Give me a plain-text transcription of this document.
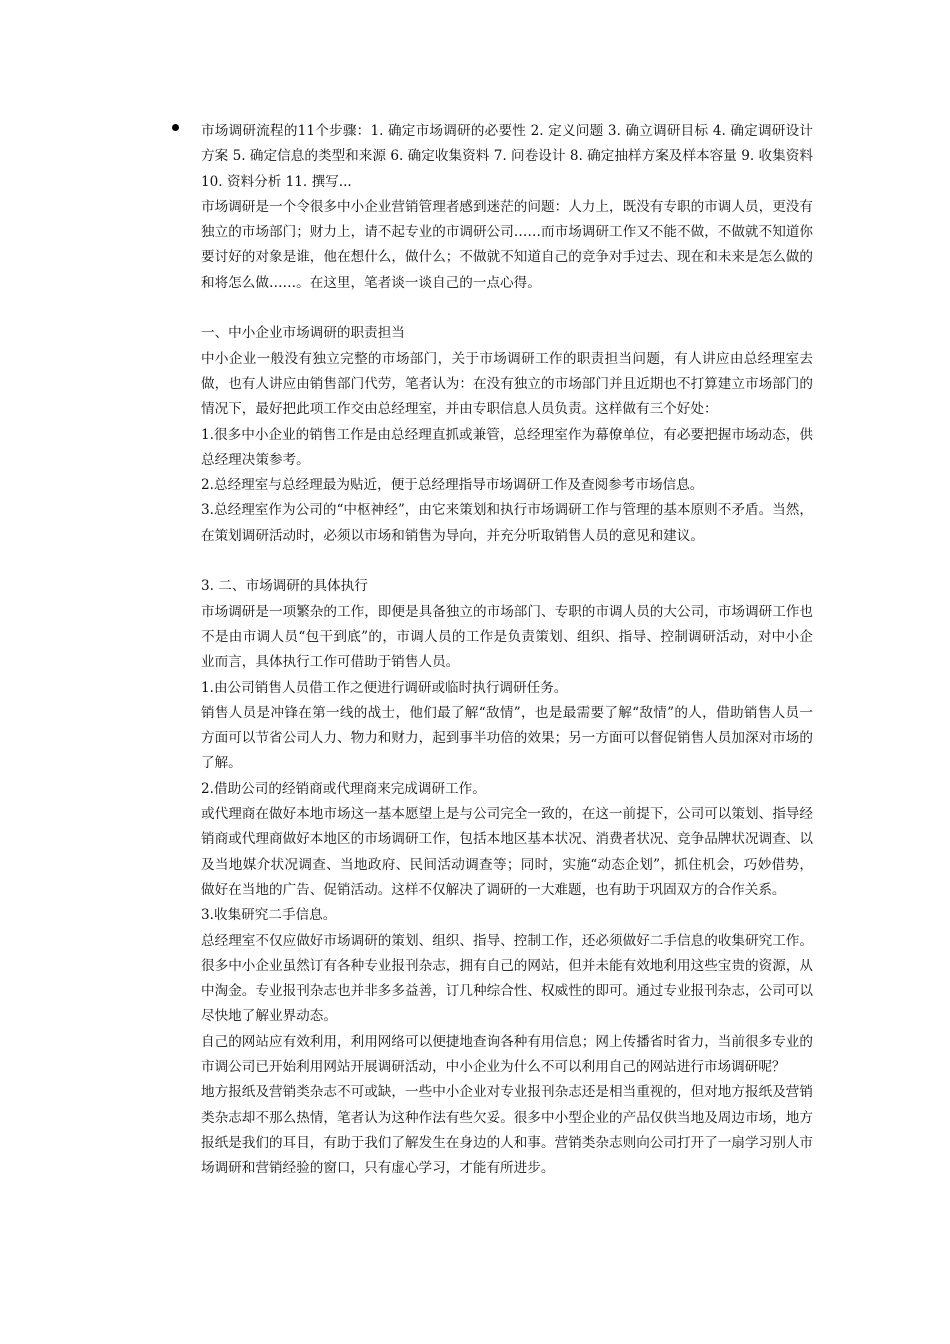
市场调研流程的11个步骤：1. 确定市场调研的必要性 2. 定义问题 3. 确立调研目标 4. 确定调研设计方案 5. 确定信息的类型和来源 6. 确定收集资料 7. 问卷设计 8. 确定抽样方案及样本容量 9. 收集资料 10. 资料分析 11. 撰写...

市场调研是一个令很多中小企业营销管理者感到迷茫的问题：人力上，既没有专职的市调人员，更没有独立的市场部门；财力上，请不起专业的市调研公司……而市场调研工作又不能不做，不做就不知道你要讨好的对象是谁，他在想什么，做什么；不做就不知道自己的竞争对手过去、现在和未来是怎么做的和将怎么做……。在这里，笔者谈一谈自己的一点心得。

一、中小企业市场调研的职责担当

中小企业一般没有独立完整的市场部门，关于市场调研工作的职责担当问题，有人讲应由总经理室去做，也有人讲应由销售部门代劳，笔者认为：在没有独立的市场部门并且近期也不打算建立市场部门的情况下，最好把此项工作交由总经理室，并由专职信息人员负责。这样做有三个好处：

1.很多中小企业的销售工作是由总经理直抓或兼管，总经理室作为幕僚单位，有必要把握市场动态，供总经理决策参考。

2.总经理室与总经理最为贴近，便于总经理指导市场调研工作及查阅参考市场信息。

3.总经理室作为公司的“中枢神经”，由它来策划和执行市场调研工作与管理的基本原则不矛盾。当然，在策划调研活动时，必须以市场和销售为导向，并充分听取销售人员的意见和建议。

3. 二、市场调研的具体执行

市场调研是一项繁杂的工作，即便是具备独立的市场部门、专职的市调人员的大公司，市场调研工作也不是由市调人员“包干到底”的，市调人员的工作是负责策划、组织、指导、控制调研活动，对中小企业而言，具体执行工作可借助于销售人员。

1.由公司销售人员借工作之便进行调研或临时执行调研任务。

销售人员是冲锋在第一线的战士，他们最了解“敌情”，也是最需要了解“敌情”的人，借助销售人员一方面可以节省公司人力、物力和财力，起到事半功倍的效果；另一方面可以督促销售人员加深对市场的了解。

2.借助公司的经销商或代理商来完成调研工作。

或代理商在做好本地市场这一基本愿望上是与公司完全一致的，在这一前提下，公司可以策划、指导经销商或代理商做好本地区的市场调研工作，包括本地区基本状况、消费者状况、竞争品牌状况调查、以及当地媒介状况调查、当地政府、民间活动调查等；同时，实施“动态企划”，抓住机会，巧妙借势，做好在当地的广告、促销活动。这样不仅解决了调研的一大难题，也有助于巩固双方的合作关系。

3.收集研究二手信息。

总经理室不仅应做好市场调研的策划、组织、指导、控制工作，还必须做好二手信息的收集研究工作。很多中小企业虽然订有各种专业报刊杂志，拥有自己的网站，但并未能有效地利用这些宝贵的资源，从中淘金。专业报刊杂志也并非多多益善，订几种综合性、权威性的即可。通过专业报刊杂志，公司可以尽快地了解业界动态。

自己的网站应有效利用，利用网络可以便捷地查询各种有用信息；网上传播省时省力，当前很多专业的市调公司已开始利用网站开展调研活动，中小企业为什么不可以利用自己的网站进行市场调研呢？

地方报纸及营销类杂志不可或缺，一些中小企业对专业报刊杂志还是相当重视的，但对地方报纸及营销类杂志却不那么热情，笔者认为这种作法有些欠妥。很多中小型企业的产品仅供当地及周边市场，地方报纸是我们的耳目，有助于我们了解发生在身边的人和事。营销类杂志则向公司打开了一扇学习别人市场调研和营销经验的窗口，只有虚心学习，才能有所进步。
